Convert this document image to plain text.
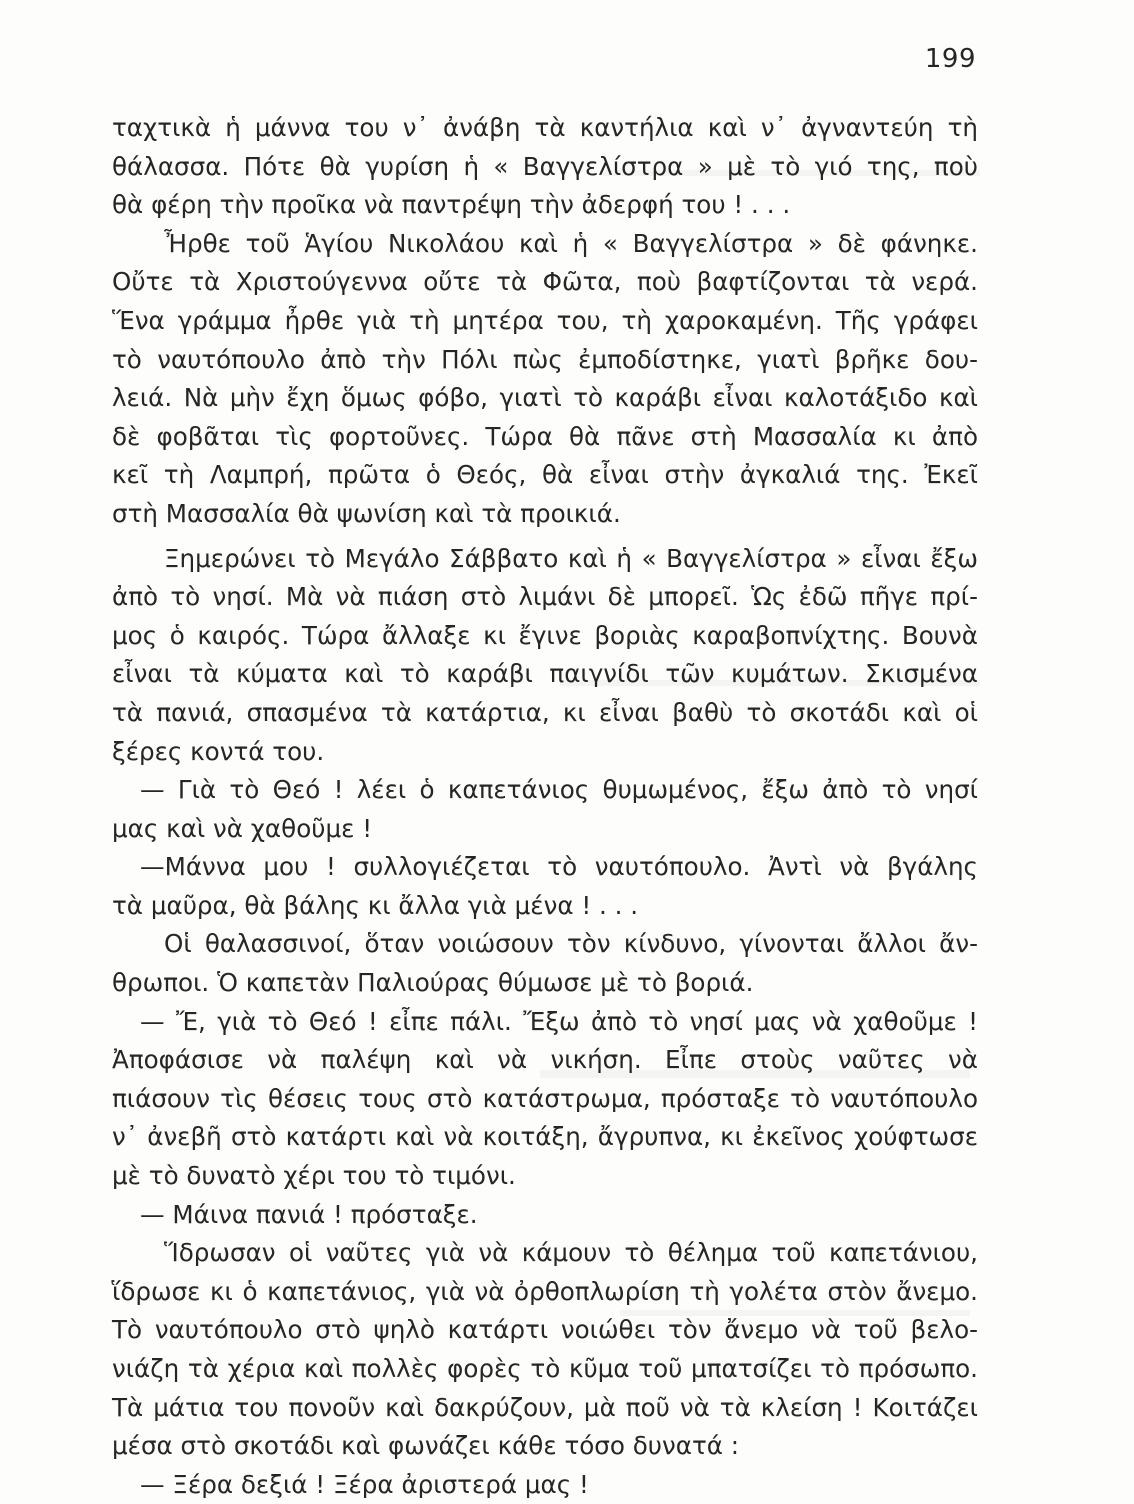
199
ταχτικὰ ἡ μάννα του ν᾽ ἀνάβη τὰ καντήλια καὶ ν᾽ ἀγναντεύη τὴ
θάλασσα. Πότε θὰ γυρίση ἡ « Βαγγελίστρα » μὲ τὸ γιό της, ποὺ
θὰ φέρη τὴν προῖκα νὰ παντρέψη τὴν ἀδερφή του ! . . .
Ἦρθε τοῦ Ἁγίου Νικολάου καὶ ἡ « Βαγγελίστρα » δὲ φάνηκε.
Οὔτε τὰ Χριστούγεννα οὔτε τὰ Φῶτα, ποὺ βαφτίζονται τὰ νερά.
Ἕνα γράμμα ἦρθε γιὰ τὴ μητέρα του, τὴ χαροκαμένη. Τῆς γράφει
τὸ ναυτόπουλο ἀπὸ τὴν Πόλι πὼς ἐμποδίστηκε, γιατὶ βρῆκε δου-
λειά. Νὰ μὴν ἔχη ὅμως φόβο, γιατὶ τὸ καράβι εἶναι καλοτάξιδο καὶ
δὲ φοβᾶται τὶς φορτοῦνες. Τώρα θὰ πᾶνε στὴ Μασσαλία κι ἀπὸ
κεῖ τὴ Λαμπρή, πρῶτα ὁ Θεός, θὰ εἶναι στὴν ἀγκαλιά της. Ἐκεῖ
στὴ Μασσαλία θὰ ψωνίση καὶ τὰ προικιά.
Ξημερώνει τὸ Μεγάλο Σάββατο καὶ ἡ « Βαγγελίστρα » εἶναι ἔξω
ἀπὸ τὸ νησί. Μὰ νὰ πιάση στὸ λιμάνι δὲ μπορεῖ. Ὡς ἐδῶ πῆγε πρί-
μος ὁ καιρός. Τώρα ἄλλαξε κι ἔγινε βοριὰς καραβοπνίχτης. Βουνὰ
εἶναι τὰ κύματα καὶ τὸ καράβι παιγνίδι τῶν κυμάτων. Σκισμένα
τὰ πανιά, σπασμένα τὰ κατάρτια, κι εἶναι βαθὺ τὸ σκοτάδι καὶ οἱ
ξέρες κοντά του.
— Γιὰ τὸ Θεό ! λέει ὁ καπετάνιος θυμωμένος, ἔξω ἀπὸ τὸ νησί
μας καὶ νὰ χαθοῦμε !
—Μάννα μου ! συλλογιέζεται τὸ ναυτόπουλο. Ἀντὶ νὰ βγάλης
τὰ μαῦρα, θὰ βάλης κι ἄλλα γιὰ μένα ! . . .
Οἱ θαλασσινοί, ὅταν νοιώσουν τὸν κίνδυνο, γίνονται ἄλλοι ἄν-
θρωποι. Ὁ καπετὰν Παλιούρας θύμωσε μὲ τὸ βοριά.
— Ἔ, γιὰ τὸ Θεό ! εἶπε πάλι. Ἔξω ἀπὸ τὸ νησί μας νὰ χαθοῦμε !
Ἀποφάσισε νὰ παλέψη καὶ νὰ νικήση. Εἶπε στοὺς ναῦτες νὰ
πιάσουν τὶς θέσεις τους στὸ κατάστρωμα, πρόσταξε τὸ ναυτόπουλο
ν᾽ ἀνεβῆ στὸ κατάρτι καὶ νὰ κοιτάξη, ἄγρυπνα, κι ἐκεῖνος χούφτωσε
μὲ τὸ δυνατὸ χέρι του τὸ τιμόνι.
— Μάινα πανιά ! πρόσταξε.
Ἵδρωσαν οἱ ναῦτες γιὰ νὰ κάμουν τὸ θέλημα τοῦ καπετάνιου,
ἵδρωσε κι ὁ καπετάνιος, γιὰ νὰ ὀρθοπλωρίση τὴ γολέτα στὸν ἄνεμο.
Τὸ ναυτόπουλο στὸ ψηλὸ κατάρτι νοιώθει τὸν ἄνεμο νὰ τοῦ βελο-
νιάζη τὰ χέρια καὶ πολλὲς φορὲς τὸ κῦμα τοῦ μπατσίζει τὸ πρόσωπο.
Τὰ μάτια του πονοῦν καὶ δακρύζουν, μὰ ποῦ νὰ τὰ κλείση ! Κοιτάζει
μέσα στὸ σκοτάδι καὶ φωνάζει κάθε τόσο δυνατά :
— Ξέρα δεξιά ! Ξέρα ἀριστερά μας !
